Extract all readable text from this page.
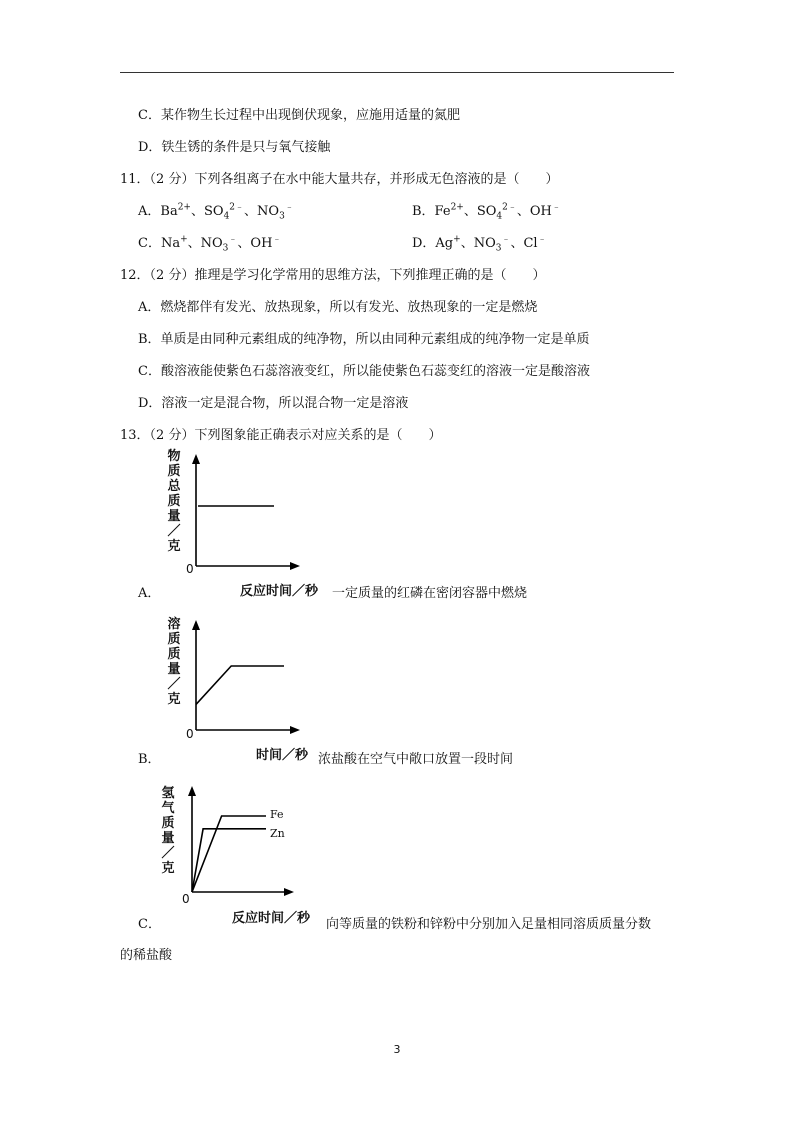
C．某作物生长过程中出现倒伏现象，应施用适量的氮肥
D．铁生锈的条件是只与氧气接触
11．（2 分）下列各组离子在水中能大量共存，并形成无色溶液的是（　　）
A．$Ba^{2+}$、$SO_4^{2﹣}$、$NO_3^﹣$	B．$Fe^{2+}$、$SO_4^{2﹣}$、OH﹣
C．Na+、$NO_3^﹣$、OH﹣	D．Ag+、$NO_3^﹣$、Cl﹣
12．（2 分）推理是学习化学常用的思维方法，下列推理正确的是（　　）
A．燃烧都伴有发光、放热现象，所以有发光、放热现象的一定是燃烧
B．单质是由同种元素组成的纯净物，所以由同种元素组成的纯净物一定是单质
C．酸溶液能使紫色石蕊溶液变红，所以能使紫色石蕊变红的溶液一定是酸溶液
D．溶液一定是混合物，所以混合物一定是溶液
13．（2 分）下列图象能正确表示对应关系的是（　　）
物
质
总
质
量
／
克
0
反应时间／秒
A．	一定质量的红磷在密闭容器中燃烧
溶
质
质
量
／
克
0
时间／秒
B．	浓盐酸在空气中敞口放置一段时间
氢
气
质
量
／
克
Fe
Zn
0
反应时间／秒
C．	向等质量的铁粉和锌粉中分别加入足量相同溶质质量分数
的稀盐酸
3
